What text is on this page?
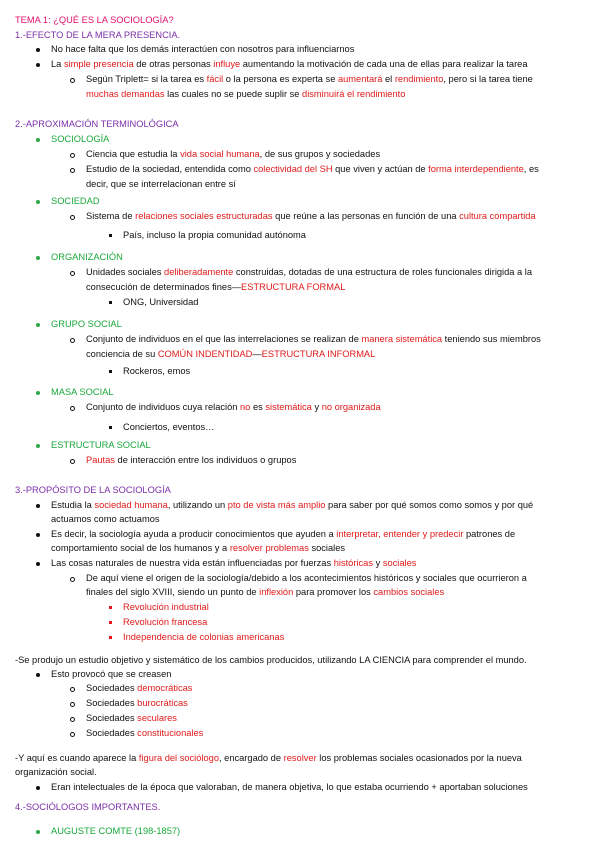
TEMA 1: ¿QUÉ ES LA SOCIOLOGÍA?
1.-EFECTO DE LA MERA PRESENCIA.
No hace falta que los demás interactúen con nosotros para influenciarnos
La simple presencia de otras personas influye aumentando la motivación de cada una de ellas para realizar la tarea
Según Triplett= si la tarea es fácil o la persona es experta se aumentará el rendimiento, pero si la tarea tiene
muchas demandas las cuales no se puede suplir se disminuirá el rendimiento
2.-APROXIMACIÓN TERMINOLÓGICA
SOCIOLOGÍA
Ciencia que estudia la vida social humana, de sus grupos y sociedades
Estudio de la sociedad, entendida como colectividad del SH que viven y actúan de forma interdependiente, es
decir, que se interrelacionan entre sí
SOCIEDAD
Sistema de relaciones sociales estructuradas que reúne a las personas en función de una cultura compartida
País, incluso la propia comunidad autónoma
ORGANIZACIÓN
Unidades sociales deliberadamente construidas, dotadas de una estructura de roles funcionales dirigida a la
consecución de determinados fines—ESTRUCTURA FORMAL
ONG, Universidad
GRUPO SOCIAL
Conjunto de individuos en el que las interrelaciones se realizan de manera sistemática teniendo sus miembros
conciencia de su COMÚN INDENTIDAD—ESTRUCTURA INFORMAL
Rockeros, emos
MASA SOCIAL
Conjunto de individuos cuya relación no es sistemática y no organizada
Conciertos, eventos…
ESTRUCTURA SOCIAL
Pautas de interacción entre los individuos o grupos
3.-PROPÓSITO DE LA SOCIOLOGÍA
Estudia la sociedad humana, utilizando un pto de vista más amplio para saber por qué somos como somos y por qué
actuamos como actuamos
Es decir, la sociología ayuda a producir conocimientos que ayuden a interpretar, entender y predecir patrones de
comportamiento social de los humanos y a resolver problemas sociales
Las cosas naturales de nuestra vida están influenciadas por fuerzas históricas y sociales
De aquí viene el origen de la sociología/debido a los acontecimientos históricos y sociales que ocurrieron a
finales del siglo XVIII, siendo un punto de inflexión para promover los cambios sociales
Revolución industrial
Revolución francesa
Independencia de colonias americanas
-Se produjo un estudio objetivo y sistemático de los cambios producidos, utilizando LA CIENCIA para comprender el mundo.
Esto provocó que se creasen
Sociedades democráticas
Sociedades burocráticas
Sociedades seculares
Sociedades constitucionales
-Y aquí es cuando aparece la figura del sociólogo, encargado de resolver los problemas sociales ocasionados por la nueva
organización social.
Eran intelectuales de la época que valoraban, de manera objetiva, lo que estaba ocurriendo + aportaban soluciones
4.-SOCIÓLOGOS IMPORTANTES.
AUGUSTE COMTE (198-1857)
